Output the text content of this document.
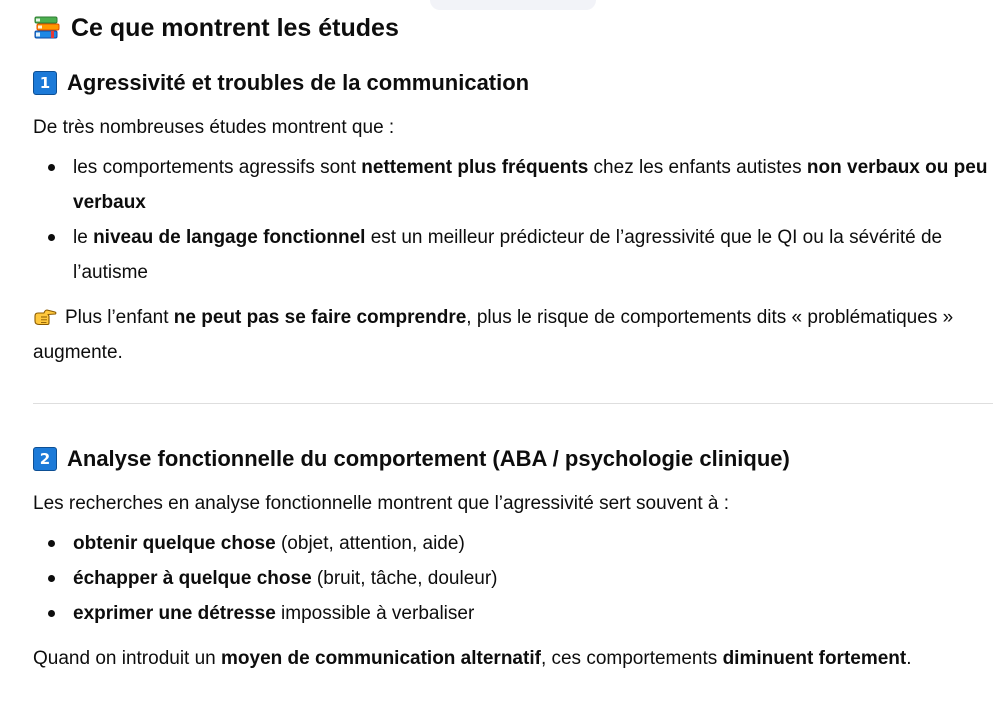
Ce que montrent les études
1 Agressivité et troubles de la communication

De très nombreuses études montrent que :

les comportements agressifs sont nettement plus fréquents chez les enfants autistes non verbaux ou peu verbaux
le niveau de langage fonctionnel est un meilleur prédicteur de l’agressivité que le QI ou la sévérité de l’autisme

Plus l’enfant ne peut pas se faire comprendre, plus le risque de comportements dits « problématiques » augmente.

2 Analyse fonctionnelle du comportement (ABA / psychologie clinique)

Les recherches en analyse fonctionnelle montrent que l’agressivité sert souvent à :

obtenir quelque chose (objet, attention, aide)
échapper à quelque chose (bruit, tâche, douleur)
exprimer une détresse impossible à verbaliser

Quand on introduit un moyen de communication alternatif, ces comportements diminuent fortement.
